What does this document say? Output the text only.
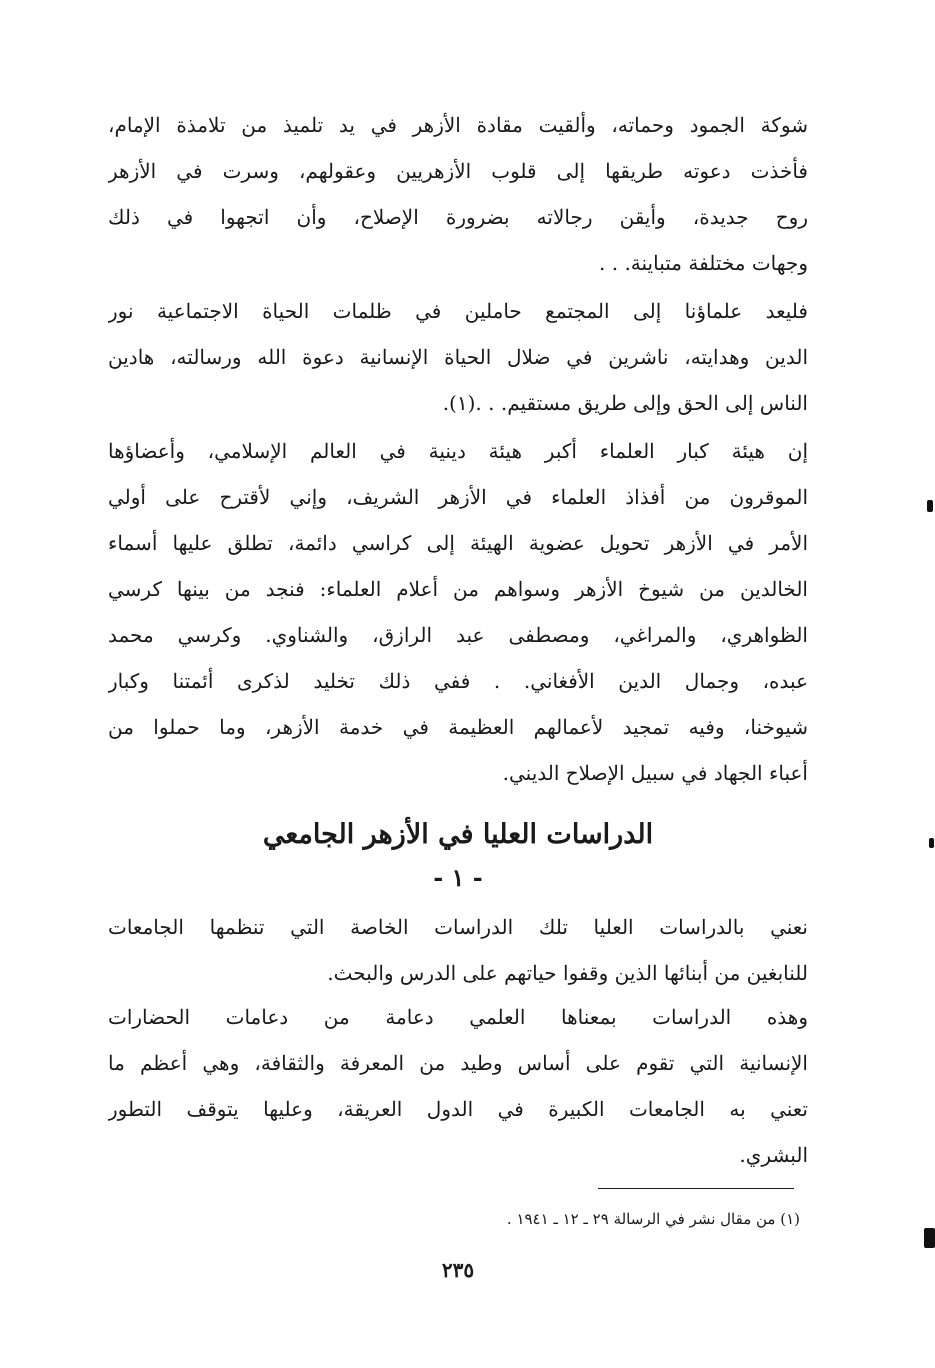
شوكة الجمود وحماته، وألقيت مقادة الأزهر في يد تلميذ من تلامذة الإمام،
فأخذت دعوته طريقها إلى قلوب الأزهريين وعقولهم، وسرت في الأزهر
روح جديدة، وأيقن رجالاته بضرورة الإصلاح، وأن اتجهوا في ذلك
وجهات مختلفة متباينة. . .
فليعد علماؤنا إلى المجتمع حاملين في ظلمات الحياة الاجتماعية نور
الدين وهدايته، ناشرين في ضلال الحياة الإنسانية دعوة الله ورسالته، هادين
الناس إلى الحق وإلى طريق مستقيم. . .(١).
إن هيئة كبار العلماء أكبر هيئة دينية في العالم الإسلامي، وأعضاؤها
الموقرون من أفذاذ العلماء في الأزهر الشريف، وإني لأقترح على أولي
الأمر في الأزهر تحويل عضوية الهيئة إلى كراسي دائمة، تطلق عليها أسماء
الخالدين من شيوخ الأزهر وسواهم من أعلام العلماء: فنجد من بينها كرسي
الظواهري، والمراغي، ومصطفى عبد الرازق، والشناوي. وكرسي محمد
عبده، وجمال الدين الأفغاني. . ففي ذلك تخليد لذكرى أئمتنا وكبار
شيوخنا، وفيه تمجيد لأعمالهم العظيمة في خدمة الأزهر، وما حملوا من
أعباء الجهاد في سبيل الإصلاح الديني.
الدراسات العليا في الأزهر الجامعي
- ١ -
نعني بالدراسات العليا تلك الدراسات الخاصة التي تنظمها الجامعات
للنابغين من أبنائها الذين وقفوا حياتهم على الدرس والبحث.
وهذه الدراسات بمعناها العلمي دعامة من دعامات الحضارات
الإنسانية التي تقوم على أساس وطيد من المعرفة والثقافة، وهي أعظم ما
تعني به الجامعات الكبيرة في الدول العريقة، وعليها يتوقف التطور
البشري.
(١) من مقال نشر في الرسالة ٢٩ ـ ١٢ ـ ١٩٤١ .
٢٣٥
